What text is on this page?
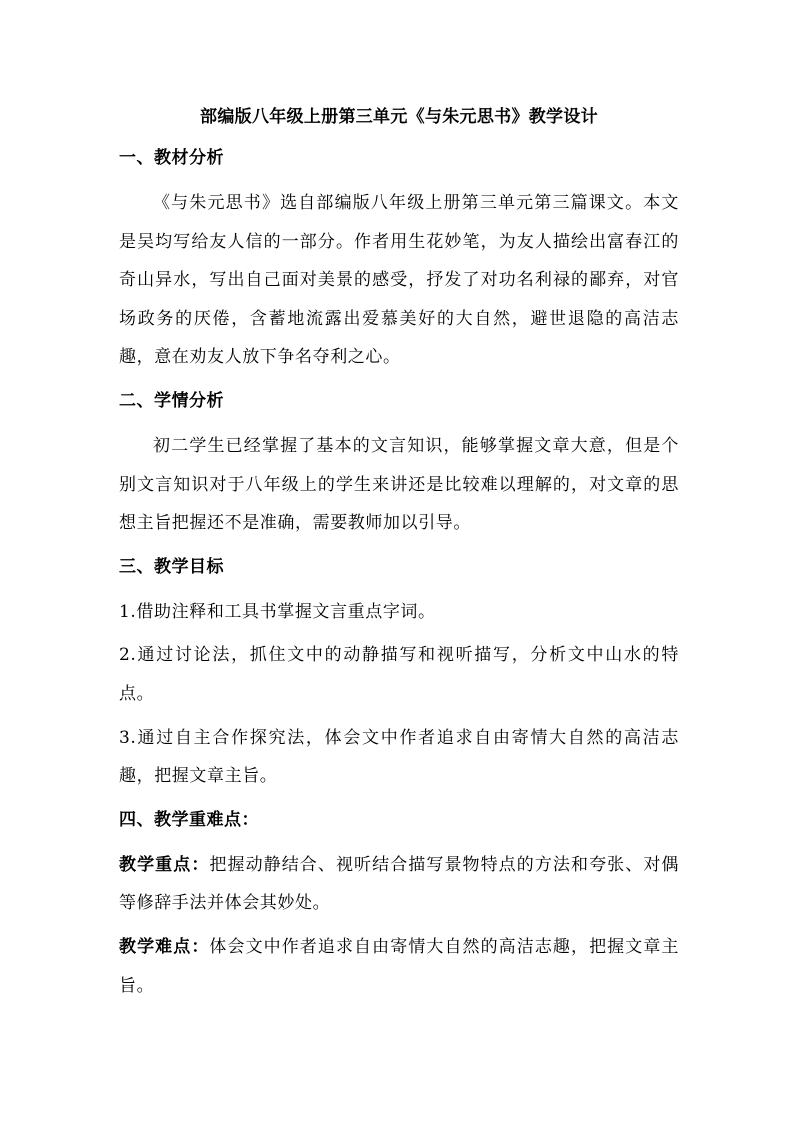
部编版八年级上册第三单元《与朱元思书》教学设计
一、教材分析

《与朱元思书》选自部编版八年级上册第三单元第三篇课文。本文是吴均写给友人信的一部分。作者用生花妙笔，为友人描绘出富春江的奇山异水，写出自己面对美景的感受，抒发了对功名利禄的鄙弃，对官场政务的厌倦，含蓄地流露出爱慕美好的大自然，避世退隐的高洁志趣，意在劝友人放下争名夺利之心。

二、学情分析

初二学生已经掌握了基本的文言知识，能够掌握文章大意，但是个别文言知识对于八年级上的学生来讲还是比较难以理解的，对文章的思想主旨把握还不是准确，需要教师加以引导。

三、教学目标

1.借助注释和工具书掌握文言重点字词。

2.通过讨论法，抓住文中的动静描写和视听描写，分析文中山水的特点。

3.通过自主合作探究法，体会文中作者追求自由寄情大自然的高洁志趣，把握文章主旨。

四、教学重难点：

教学重点：把握动静结合、视听结合描写景物特点的方法和夸张、对偶等修辞手法并体会其妙处。

教学难点：体会文中作者追求自由寄情大自然的高洁志趣，把握文章主旨。
